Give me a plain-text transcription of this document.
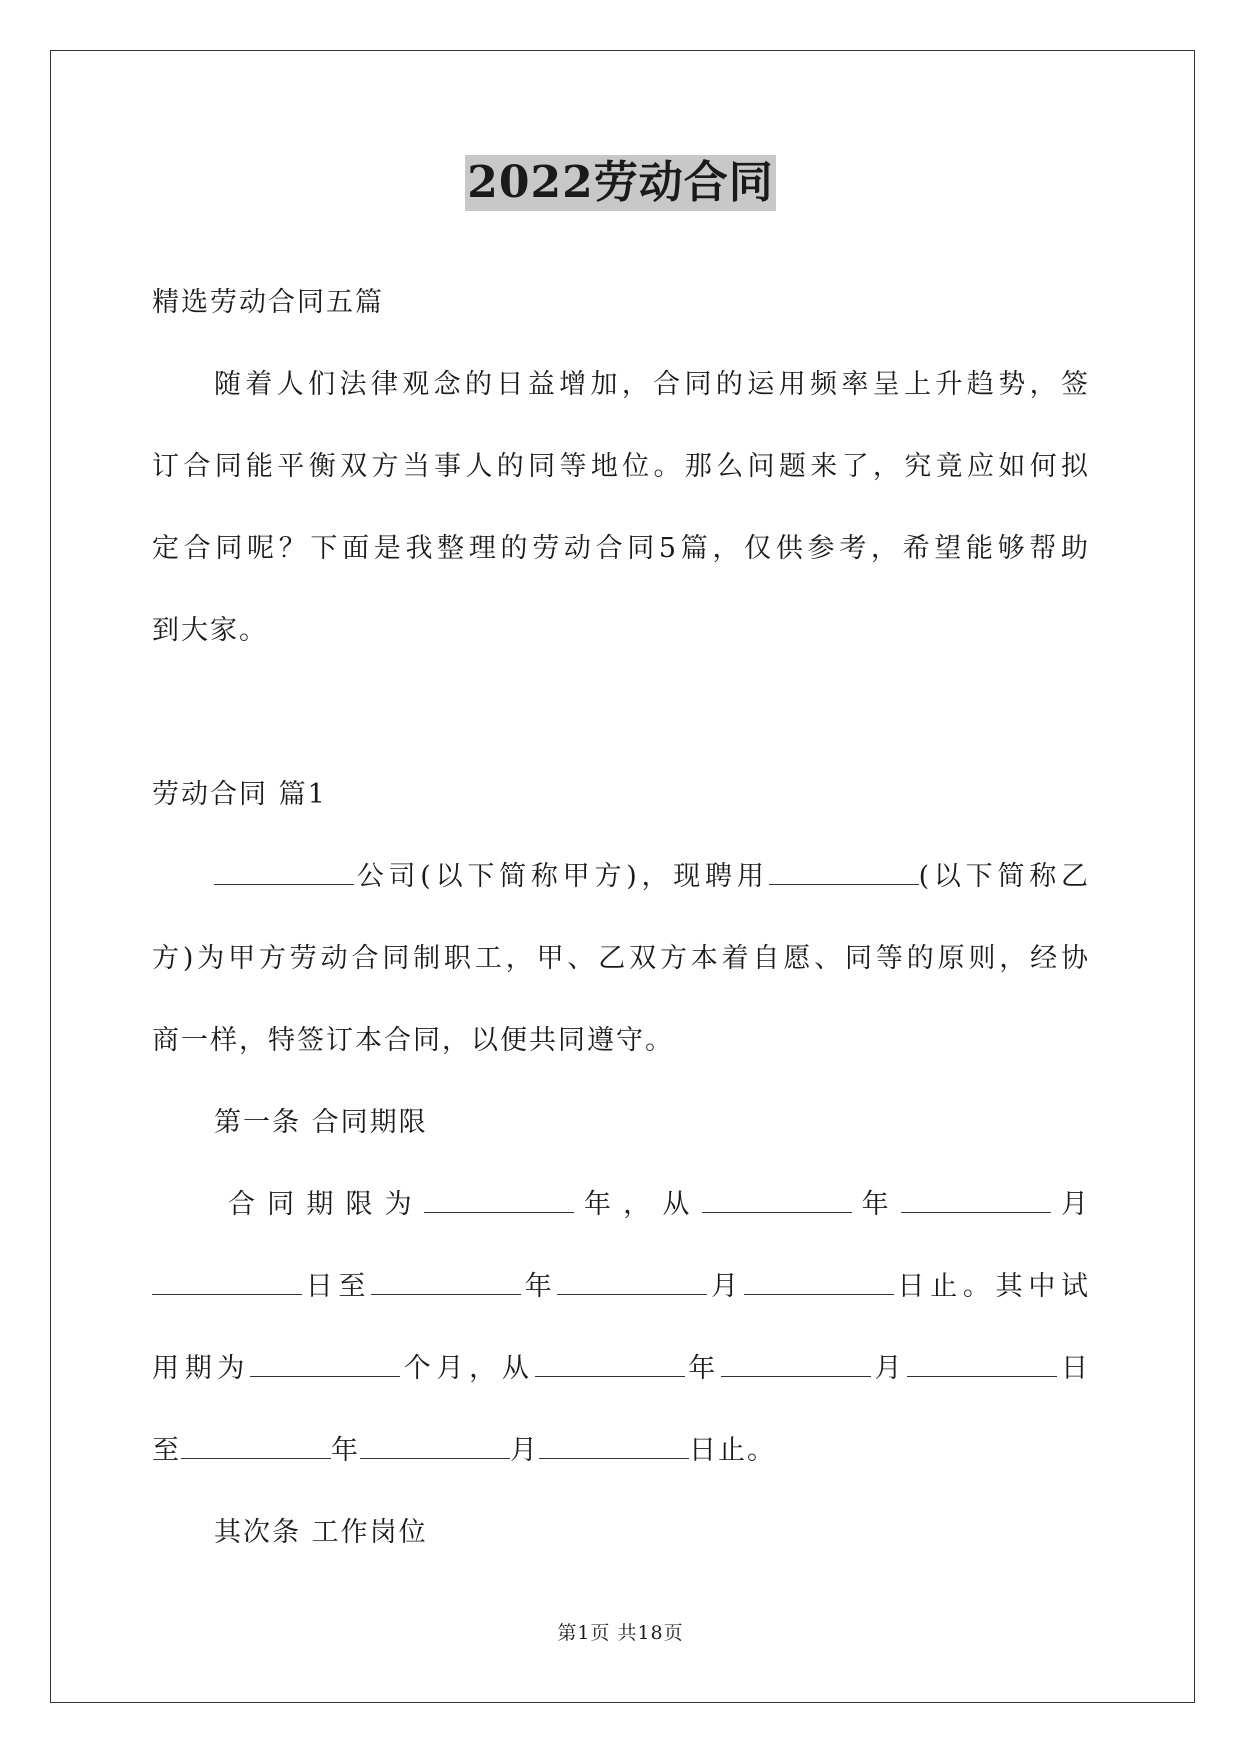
2022劳动合同
精选劳动合同五篇
随着人们法律观念的日益增加，合同的运用频率呈上升趋势，签
订合同能平衡双方当事人的同等地位。那么问题来了，究竟应如何拟
定合同呢？下面是我整理的劳动合同5篇，仅供参考，希望能够帮助
到大家。
劳动合同 篇1
公司(以下简称甲方)，现聘用	(以下简称乙
方)为甲方劳动合同制职工，甲、乙双方本着自愿、同等的原则，经协
商一样，特签订本合同，以便共同遵守。
第一条 合同期限
合同期限为	年，从	年	月
日至	年	月	日止。其中试
用期为	个月，从	年	月	日
至	年	月	日止。
其次条 工作岗位
第1页 共18页
